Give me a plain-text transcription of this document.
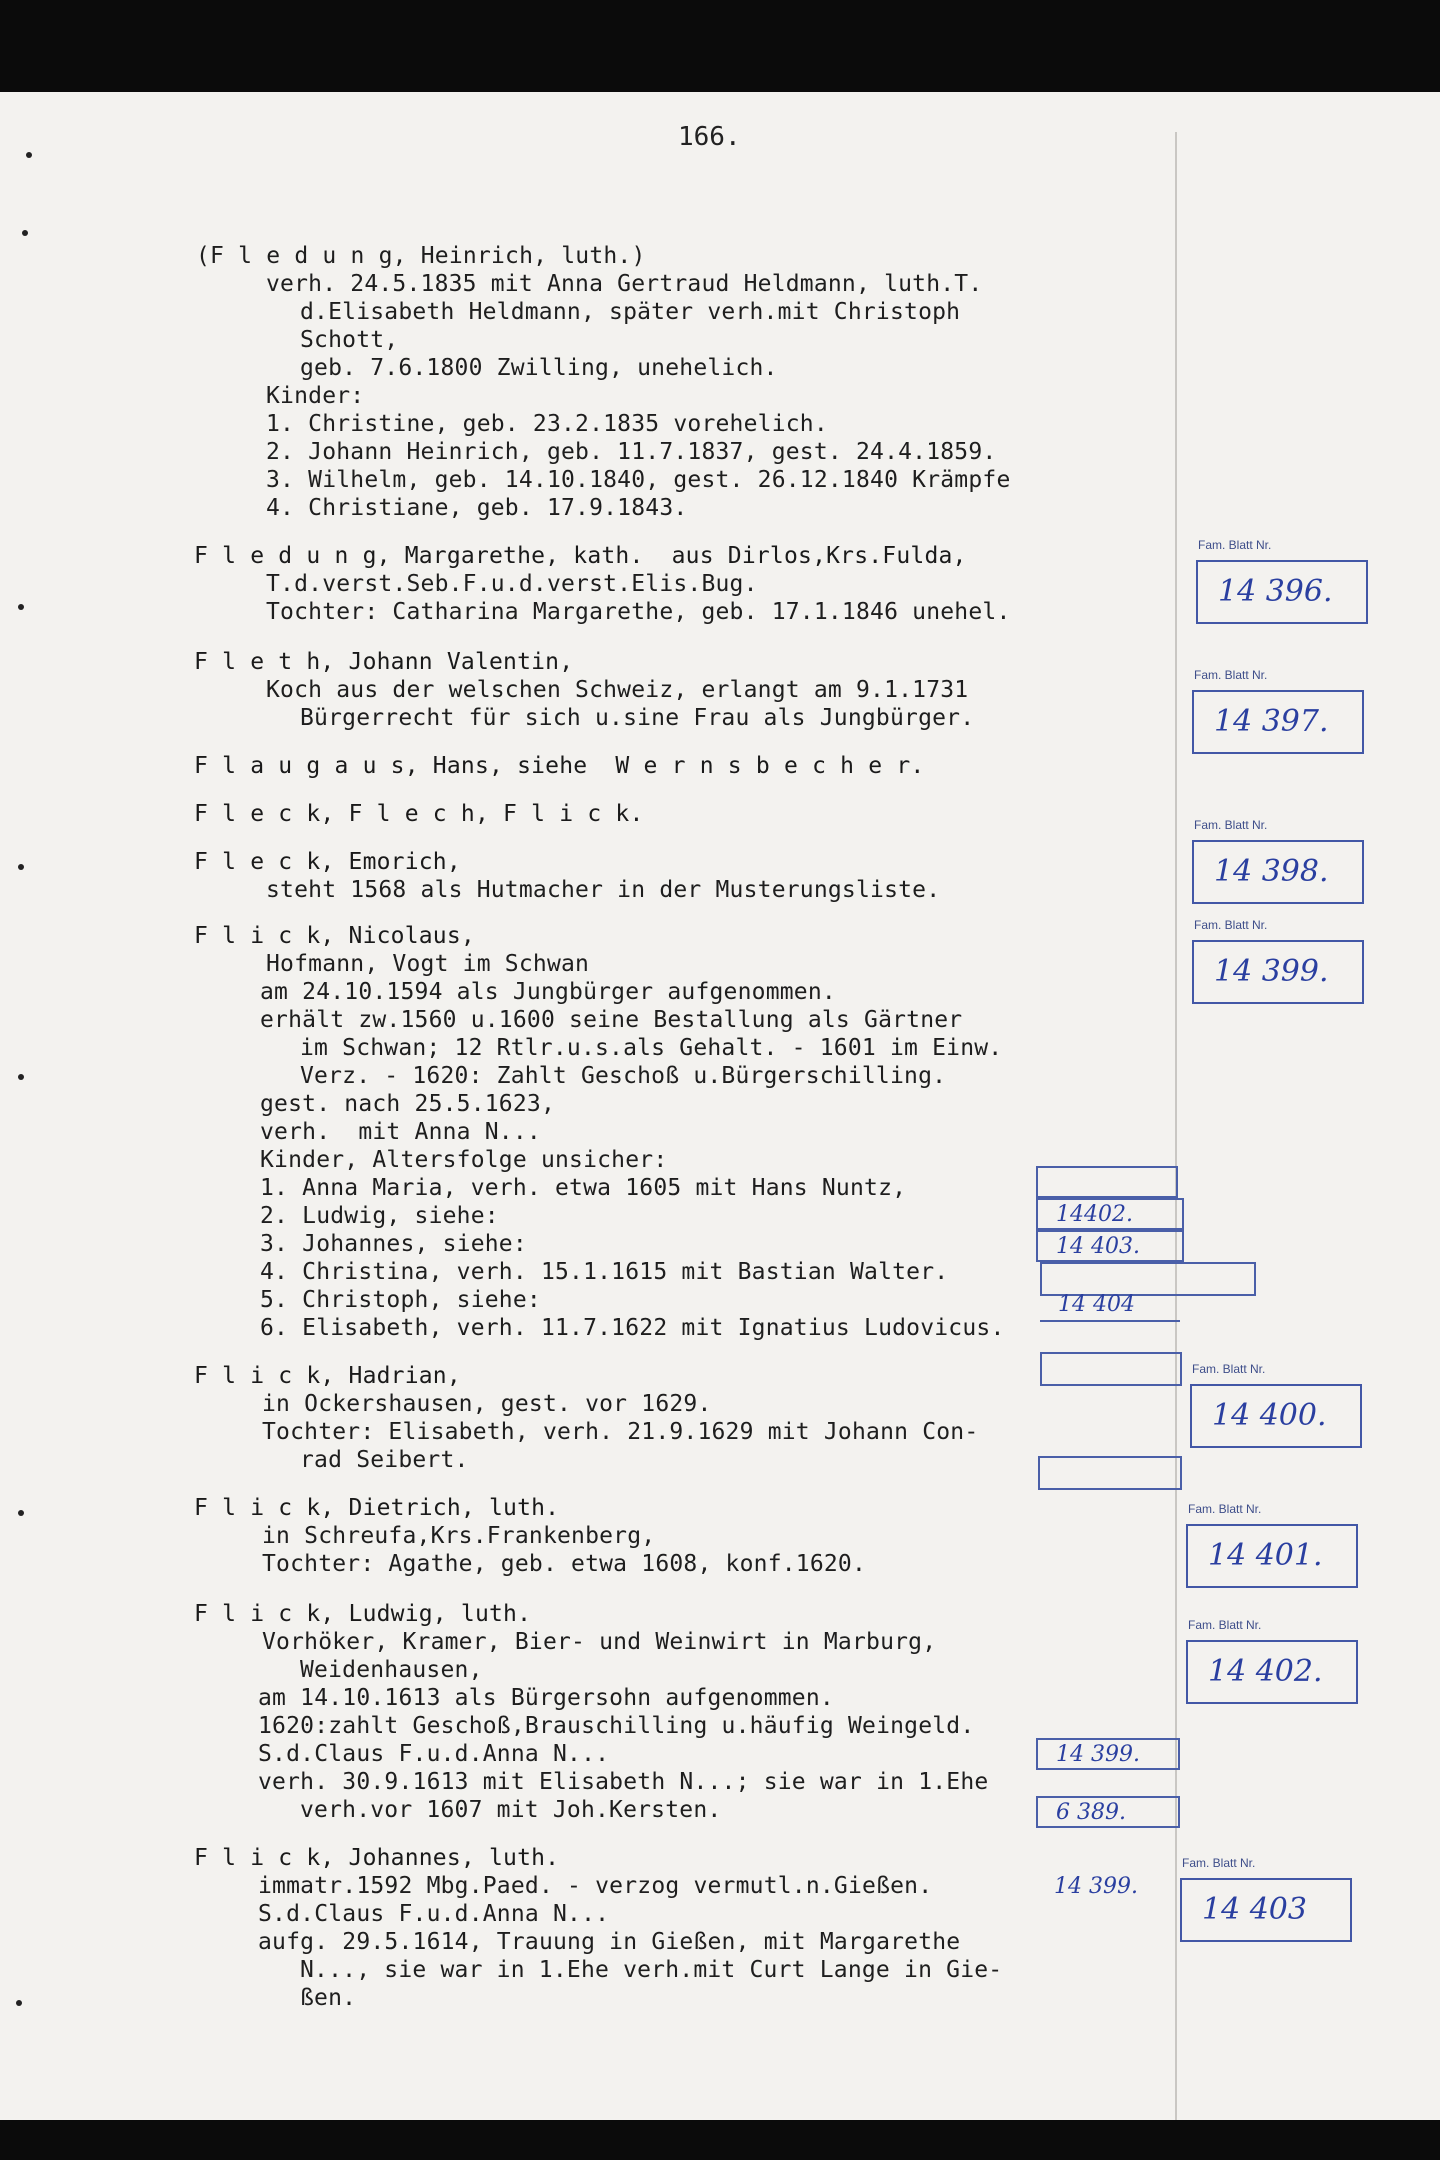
166.
(F l e d u n g, Heinrich, luth.)
verh. 24.5.1835 mit Anna Gertraud Heldmann, luth.T.
d.Elisabeth Heldmann, später verh.mit Christoph
Schott,
geb. 7.6.1800 Zwilling, unehelich.
Kinder:
1. Christine, geb. 23.2.1835 vorehelich.
2. Johann Heinrich, geb. 11.7.1837, gest. 24.4.1859.
3. Wilhelm, geb. 14.10.1840, gest. 26.12.1840 Krämpfe
4. Christiane, geb. 17.9.1843.
F l e d u n g, Margarethe, kath.  aus Dirlos,Krs.Fulda,
T.d.verst.Seb.F.u.d.verst.Elis.Bug.
Tochter: Catharina Margarethe, geb. 17.1.1846 unehel.
F l e t h, Johann Valentin,
Koch aus der welschen Schweiz, erlangt am 9.1.1731
Bürgerrecht für sich u.sine Frau als Jungbürger.
F l a u g a u s, Hans, siehe  W e r n s b e c h e r.
F l e c k, F l e c h, F l i c k.
F l e c k, Emorich,
steht 1568 als Hutmacher in der Musterungsliste.
F l i c k, Nicolaus,
Hofmann, Vogt im Schwan
am 24.10.1594 als Jungbürger aufgenommen.
erhält zw.1560 u.1600 seine Bestallung als Gärtner
im Schwan; 12 Rtlr.u.s.als Gehalt. - 1601 im Einw.
Verz. - 1620: Zahlt Geschoß u.Bürgerschilling.
gest. nach 25.5.1623,
verh.  mit Anna N...
Kinder, Altersfolge unsicher:
1. Anna Maria, verh. etwa 1605 mit Hans Nuntz,
2. Ludwig, siehe:
3. Johannes, siehe:
4. Christina, verh. 15.1.1615 mit Bastian Walter.
5. Christoph, siehe:
6. Elisabeth, verh. 11.7.1622 mit Ignatius Ludovicus.
F l i c k, Hadrian,
in Ockershausen, gest. vor 1629.
Tochter: Elisabeth, verh. 21.9.1629 mit Johann Con-
rad Seibert.
F l i c k, Dietrich, luth.
in Schreufa,Krs.Frankenberg,
Tochter: Agathe, geb. etwa 1608, konf.1620.
F l i c k, Ludwig, luth.
Vorhöker, Kramer, Bier- und Weinwirt in Marburg,
Weidenhausen,
am 14.10.1613 als Bürgersohn aufgenommen.
1620:zahlt Geschoß,Brauschilling u.häufig Weingeld.
S.d.Claus F.u.d.Anna N...
verh. 30.9.1613 mit Elisabeth N...; sie war in 1.Ehe
verh.vor 1607 mit Joh.Kersten.
F l i c k, Johannes, luth.
immatr.1592 Mbg.Paed. - verzog vermutl.n.Gießen.
S.d.Claus F.u.d.Anna N...
aufg. 29.5.1614, Trauung in Gießen, mit Margarethe
N..., sie war in 1.Ehe verh.mit Curt Lange in Gie-
ßen.
Fam. Blatt Nr.
14 396.
Fam. Blatt Nr.
14 397.
Fam. Blatt Nr.
14 398.
Fam. Blatt Nr.
14 399.
Fam. Blatt Nr.
14 400.
Fam. Blatt Nr.
14 401.
Fam. Blatt Nr.
14 402.
Fam. Blatt Nr.
14 403
14402.
14 403.
14 404
14 399.
6 389.
14 399.
